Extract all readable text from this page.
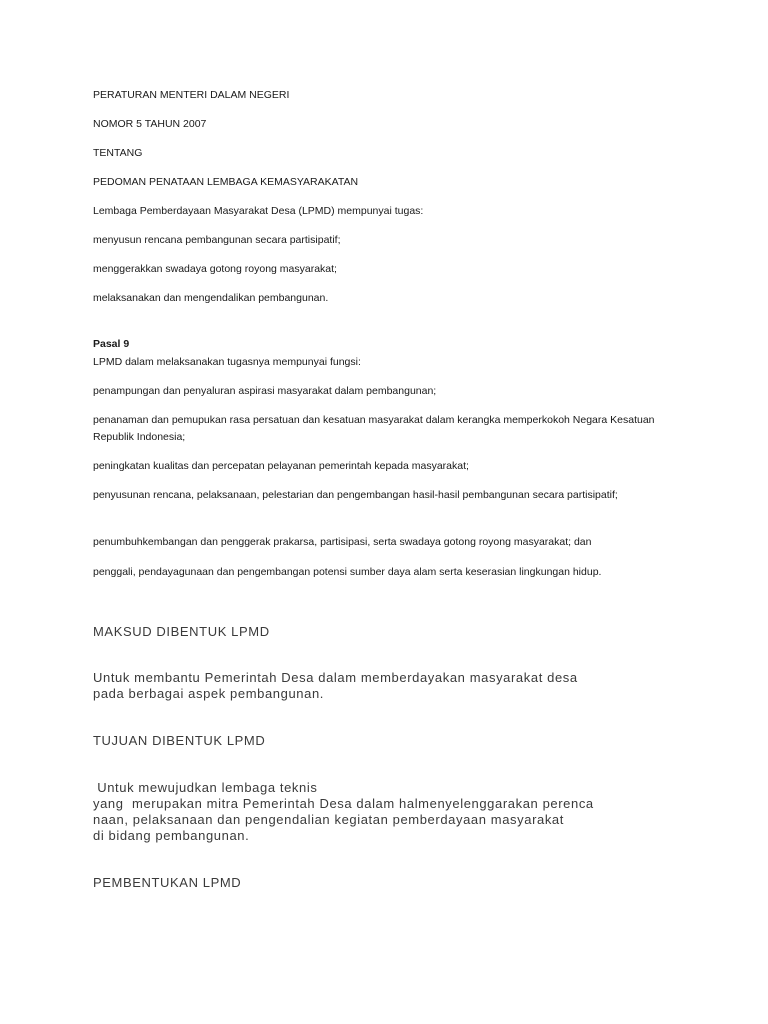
PERATURAN MENTERI DALAM NEGERI
NOMOR 5 TAHUN 2007
TENTANG
PEDOMAN PENATAAN LEMBAGA KEMASYARAKATAN
Lembaga Pemberdayaan Masyarakat Desa (LPMD) mempunyai tugas:
menyusun rencana pembangunan secara partisipatif;
menggerakkan swadaya gotong royong masyarakat;
melaksanakan dan mengendalikan pembangunan.
Pasal 9
LPMD dalam melaksanakan tugasnya mempunyai fungsi:
penampungan dan penyaluran aspirasi masyarakat dalam pembangunan;
penanaman dan pemupukan rasa persatuan dan kesatuan masyarakat dalam kerangka memperkokoh Negara Kesatuan Republik Indonesia;
peningkatan kualitas dan percepatan pelayanan pemerintah kepada masyarakat;
penyusunan rencana, pelaksanaan, pelestarian dan pengembangan hasil-hasil pembangunan secara partisipatif;
penumbuhkembangan dan penggerak prakarsa, partisipasi, serta swadaya gotong royong masyarakat; dan
penggali, pendayagunaan dan pengembangan potensi sumber daya alam serta keserasian lingkungan hidup.
MAKSUD DIBENTUK LPMD
Untuk membantu Pemerintah Desa dalam memberdayakan masyarakat desa
pada berbagai aspek pembangunan.
TUJUAN DIBENTUK LPMD
Untuk mewujudkan lembaga teknis
yang  merupakan mitra Pemerintah Desa dalam halmenyelenggarakan perenca
naan, pelaksanaan dan pengendalian kegiatan pemberdayaan masyarakat
di bidang pembangunan.
PEMBENTUKAN LPMD
